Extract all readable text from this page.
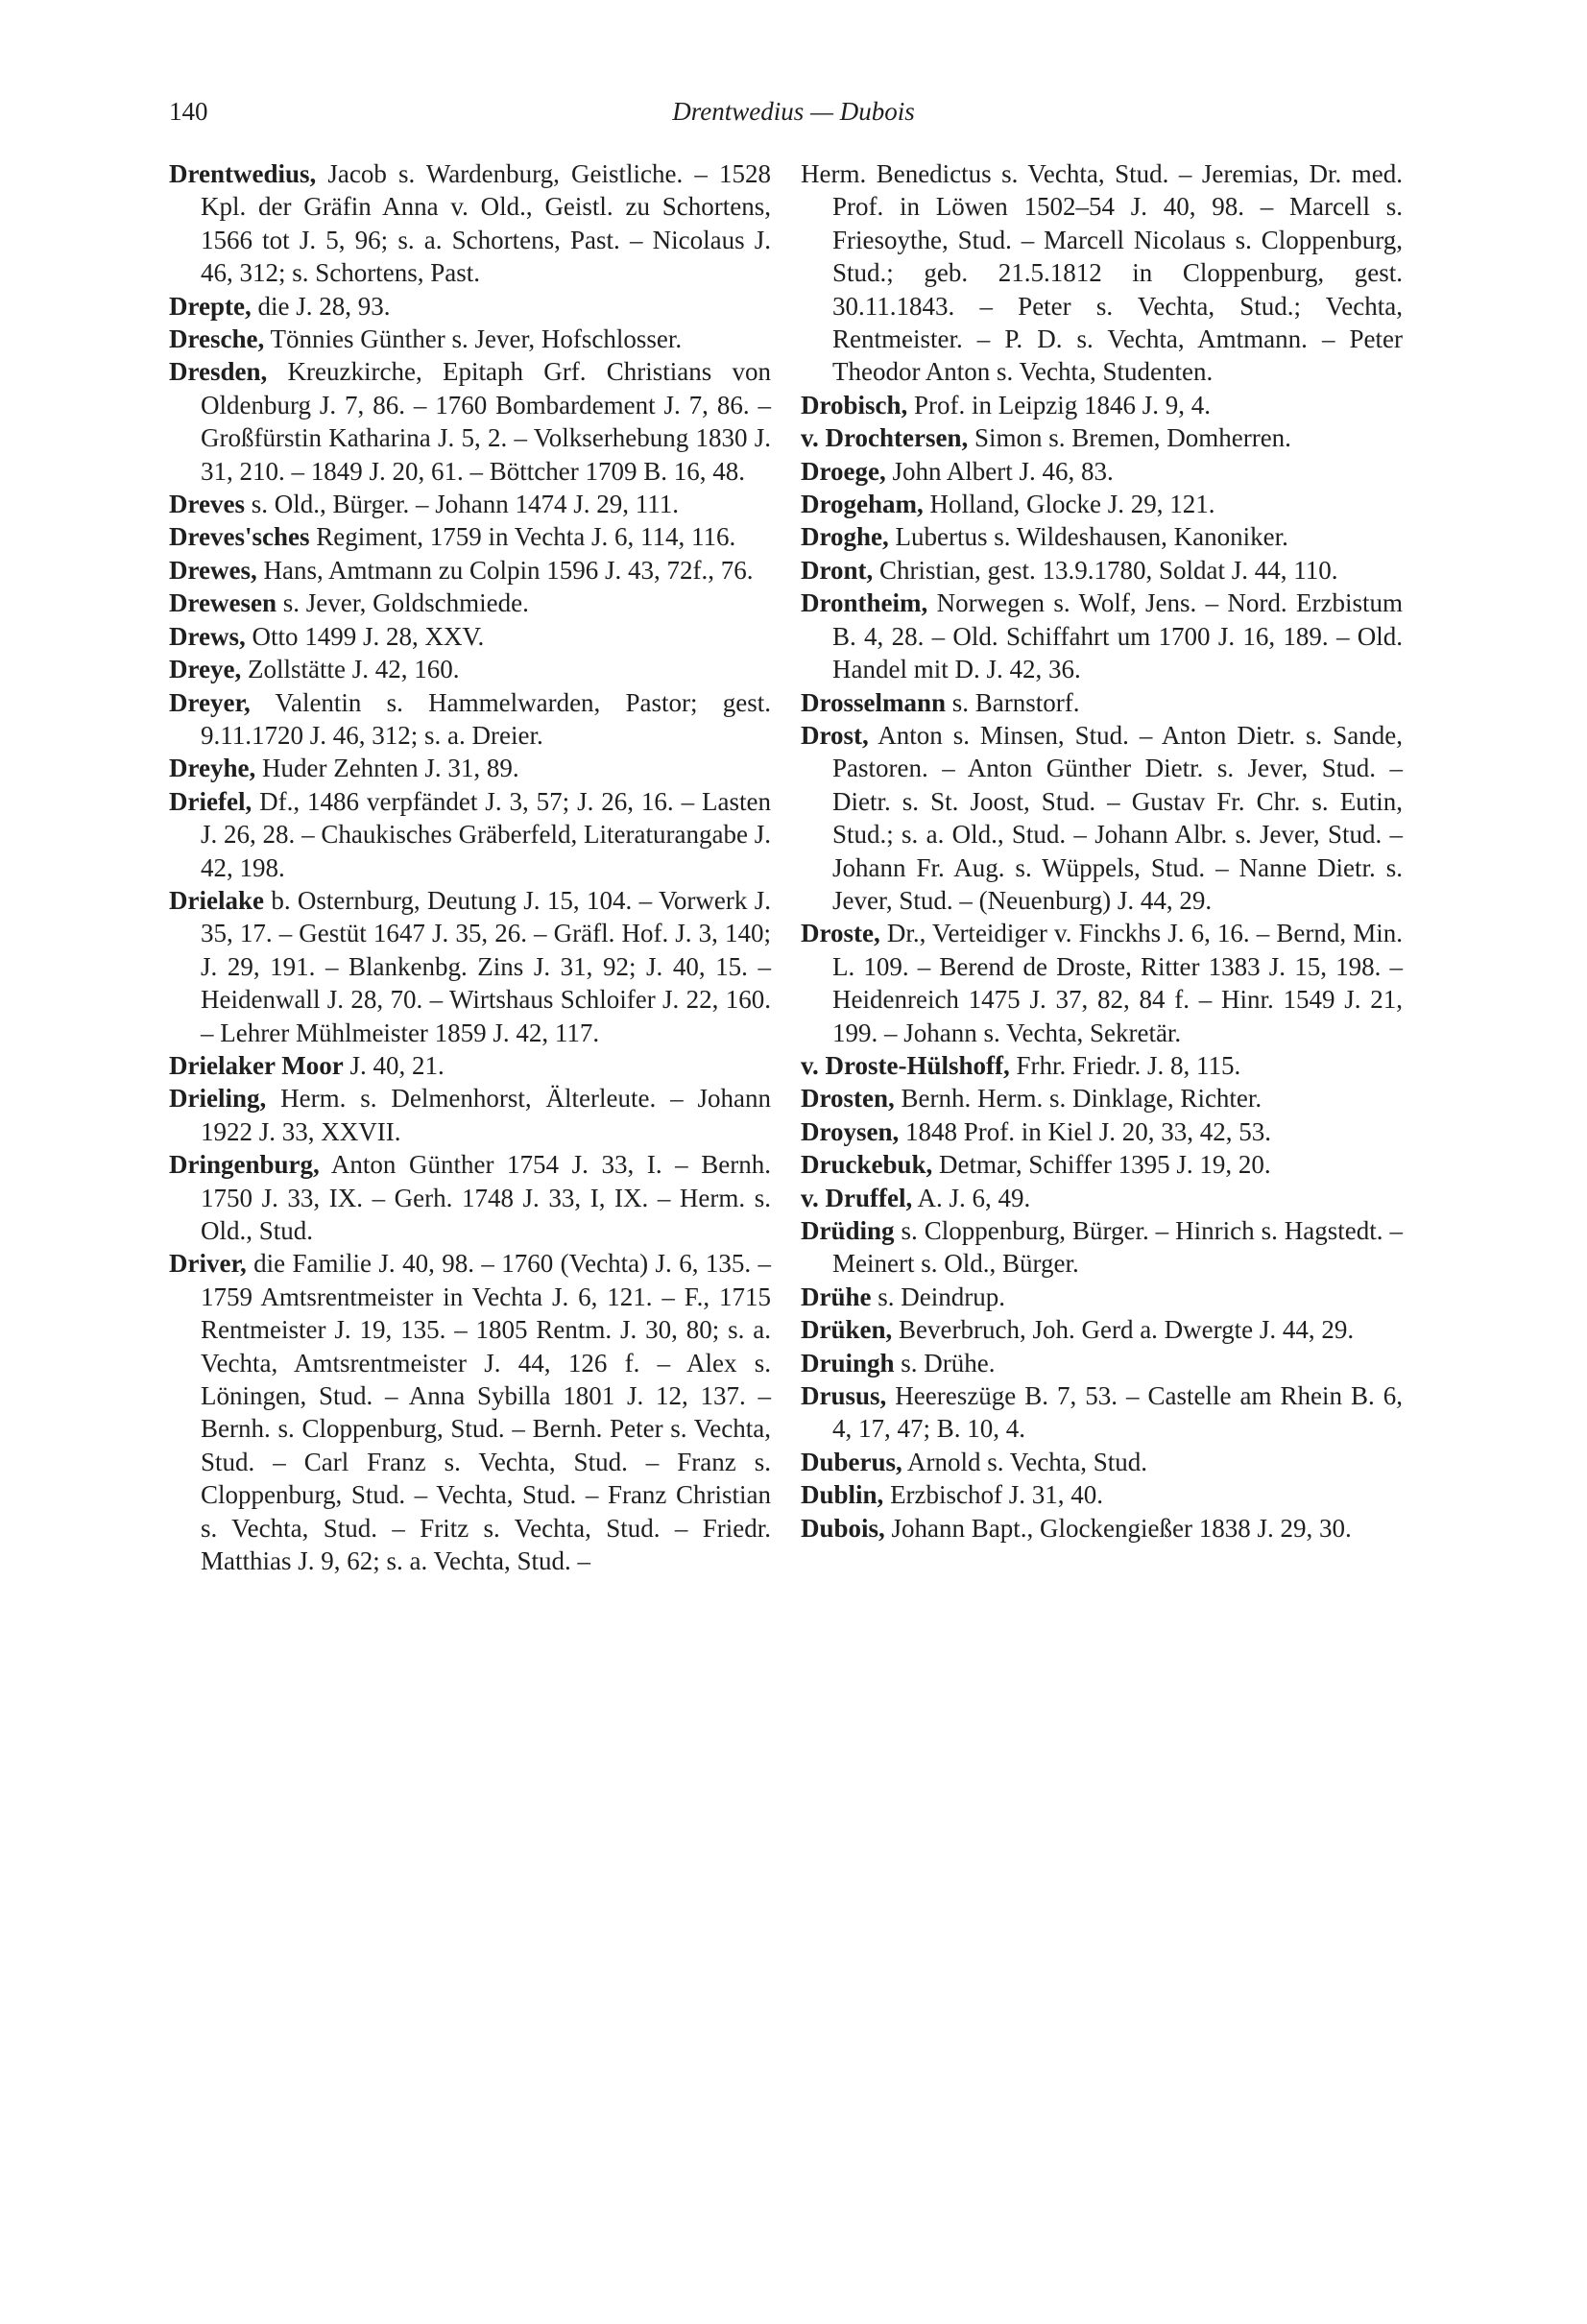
140	Drentwedius — Dubois

Drentwedius, Jacob s. Wardenburg, Geistliche. – 1528 Kpl. der Gräfin Anna v. Old., Geistl. zu Schortens, 1566 tot J. 5, 96; s. a. Schortens, Past. – Nicolaus J. 46, 312; s. Schortens, Past.

Drepte, die J. 28, 93.

Dresche, Tönnies Günther s. Jever, Hofschlosser.

Dresden, Kreuzkirche, Epitaph Grf. Christians von Oldenburg J. 7, 86. – 1760 Bombardement J. 7, 86. – Großfürstin Katharina J. 5, 2. – Volkserhebung 1830 J. 31, 210. – 1849 J. 20, 61. – Böttcher 1709 B. 16, 48.

Dreves s. Old., Bürger. – Johann 1474 J. 29, 111.

Dreves'sches Regiment, 1759 in Vechta J. 6, 114, 116.

Drewes, Hans, Amtmann zu Colpin 1596 J. 43, 72f., 76.

Drewesen s. Jever, Goldschmiede.

Drews, Otto 1499 J. 28, XXV.

Dreye, Zollstätte J. 42, 160.

Dreyer, Valentin s. Hammelwarden, Pastor; gest. 9.11.1720 J. 46, 312; s. a. Dreier.

Dreyhe, Huder Zehnten J. 31, 89.

Driefel, Df., 1486 verpfändet J. 3, 57; J. 26, 16. – Lasten J. 26, 28. – Chaukisches Gräberfeld, Literaturangabe J. 42, 198.

Drielake b. Osternburg, Deutung J. 15, 104. – Vorwerk J. 35, 17. – Gestüt 1647 J. 35, 26. – Gräfl. Hof. J. 3, 140; J. 29, 191. – Blankenbg. Zins J. 31, 92; J. 40, 15. – Heidenwall J. 28, 70. – Wirtshaus Schloifer J. 22, 160. – Lehrer Mühlmeister 1859 J. 42, 117.

Drielaker Moor J. 40, 21.

Drieling, Herm. s. Delmenhorst, Älterleute. – Johann 1922 J. 33, XXVII.

Dringenburg, Anton Günther 1754 J. 33, I. – Bernh. 1750 J. 33, IX. – Gerh. 1748 J. 33, I, IX. – Herm. s. Old., Stud.

Driver, die Familie J. 40, 98. – 1760 (Vechta) J. 6, 135. – 1759 Amtsrentmeister in Vechta J. 6, 121. – F., 1715 Rentmeister J. 19, 135. – 1805 Rentm. J. 30, 80; s. a. Vechta, Amtsrentmeister J. 44, 126 f. – Alex s. Löningen, Stud. – Anna Sybilla 1801 J. 12, 137. – Bernh. s. Cloppenburg, Stud. – Bernh. Peter s. Vechta, Stud. – Carl Franz s. Vechta, Stud. – Franz s. Cloppenburg, Stud. – Vechta, Stud. – Franz Christian s. Vechta, Stud. – Fritz s. Vechta, Stud. – Friedr. Matthias J. 9, 62; s. a. Vechta, Stud. –

Herm. Benedictus s. Vechta, Stud. – Jeremias, Dr. med. Prof. in Löwen 1502–54 J. 40, 98. – Marcell s. Friesoythe, Stud. – Marcell Nicolaus s. Cloppenburg, Stud.; geb. 21.5.1812 in Cloppenburg, gest. 30.11.1843. – Peter s. Vechta, Stud.; Vechta, Rentmeister. – P. D. s. Vechta, Amtmann. – Peter Theodor Anton s. Vechta, Studenten.

Drobisch, Prof. in Leipzig 1846 J. 9, 4.

v. Drochtersen, Simon s. Bremen, Domherren.

Droege, John Albert J. 46, 83.

Drogeham, Holland, Glocke J. 29, 121.

Droghe, Lubertus s. Wildeshausen, Kanoniker.

Dront, Christian, gest. 13.9.1780, Soldat J. 44, 110.

Drontheim, Norwegen s. Wolf, Jens. – Nord. Erzbistum B. 4, 28. – Old. Schiffahrt um 1700 J. 16, 189. – Old. Handel mit D. J. 42, 36.

Drosselmann s. Barnstorf.

Drost, Anton s. Minsen, Stud. – Anton Dietr. s. Sande, Pastoren. – Anton Günther Dietr. s. Jever, Stud. – Dietr. s. St. Joost, Stud. – Gustav Fr. Chr. s. Eutin, Stud.; s. a. Old., Stud. – Johann Albr. s. Jever, Stud. – Johann Fr. Aug. s. Wüppels, Stud. – Nanne Dietr. s. Jever, Stud. – (Neuenburg) J. 44, 29.

Droste, Dr., Verteidiger v. Finckhs J. 6, 16. – Bernd, Min. L. 109. – Berend de Droste, Ritter 1383 J. 15, 198. – Heidenreich 1475 J. 37, 82, 84 f. – Hinr. 1549 J. 21, 199. – Johann s. Vechta, Sekretär.

v. Droste-Hülshoff, Frhr. Friedr. J. 8, 115.

Drosten, Bernh. Herm. s. Dinklage, Richter.

Droysen, 1848 Prof. in Kiel J. 20, 33, 42, 53.

Druckebuk, Detmar, Schiffer 1395 J. 19, 20.

v. Druffel, A. J. 6, 49.

Drüding s. Cloppenburg, Bürger. – Hinrich s. Hagstedt. – Meinert s. Old., Bürger.

Drühe s. Deindrup.

Drüken, Beverbruch, Joh. Gerd a. Dwergte J. 44, 29.

Druingh s. Drühe.

Drusus, Heereszüge B. 7, 53. – Castelle am Rhein B. 6, 4, 17, 47; B. 10, 4.

Duberus, Arnold s. Vechta, Stud.

Dublin, Erzbischof J. 31, 40.

Dubois, Johann Bapt., Glockengießer 1838 J. 29, 30.
